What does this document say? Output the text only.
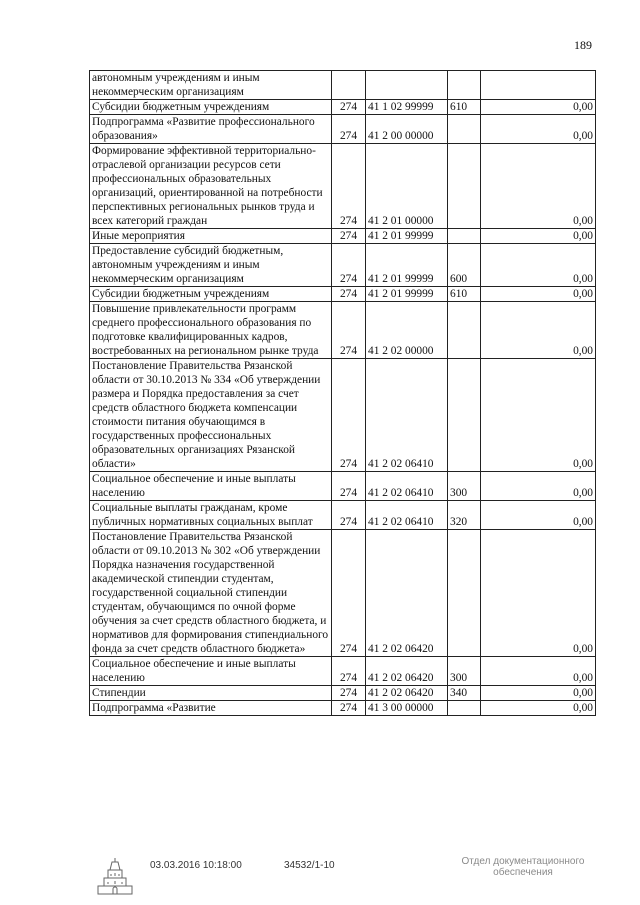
189
автономным учреждениям и иным некоммерческим организациям				
Субсидии бюджетным учреждениям	274	41 1 02 99999	610	0,00
Подпрограмма «Развитие профессионального образования»	274	41 2 00 00000		0,00
Формирование эффективной территориально-отраслевой организации ресурсов сети профессиональных образовательных организаций, ориентированной на потребности перспективных региональных рынков труда и всех категорий граждан	274	41 2 01 00000		0,00
Иные мероприятия	274	41 2 01 99999		0,00
Предоставление субсидий бюджетным, автономным учреждениям и иным некоммерческим организациям	274	41 2 01 99999	600	0,00
Субсидии бюджетным учреждениям	274	41 2 01 99999	610	0,00
Повышение привлекательности программ среднего профессионального образования по подготовке квалифицированных кадров, востребованных на региональном рынке труда	274	41 2 02 00000		0,00
Постановление Правительства Рязанской области от 30.10.2013 № 334 «Об утверждении размера и Порядка предоставления за счет средств областного бюджета компенсации стоимости питания обучающимся в государственных профессиональных образовательных организациях Рязанской области»	274	41 2 02 06410		0,00
Социальное обеспечение и иные выплаты населению	274	41 2 02 06410	300	0,00
Социальные выплаты гражданам, кроме публичных нормативных социальных выплат	274	41 2 02 06410	320	0,00
Постановление Правительства Рязанской области от 09.10.2013 № 302 «Об утверждении Порядка назначения государственной академической стипендии студентам, государственной социальной стипендии студентам, обучающимся по очной форме обучения за счет средств областного бюджета, и нормативов для формирования стипендиального фонда за счет средств областного бюджета»	274	41 2 02 06420		0,00
Социальное обеспечение и иные выплаты населению	274	41 2 02 06420	300	0,00
Стипендии	274	41 2 02 06420	340	0,00
Подпрограмма «Развитие	274	41 3 00 00000		0,00
03.03.2016 10:18:00	34532/1-10	Отдел документационного
обеспечения
